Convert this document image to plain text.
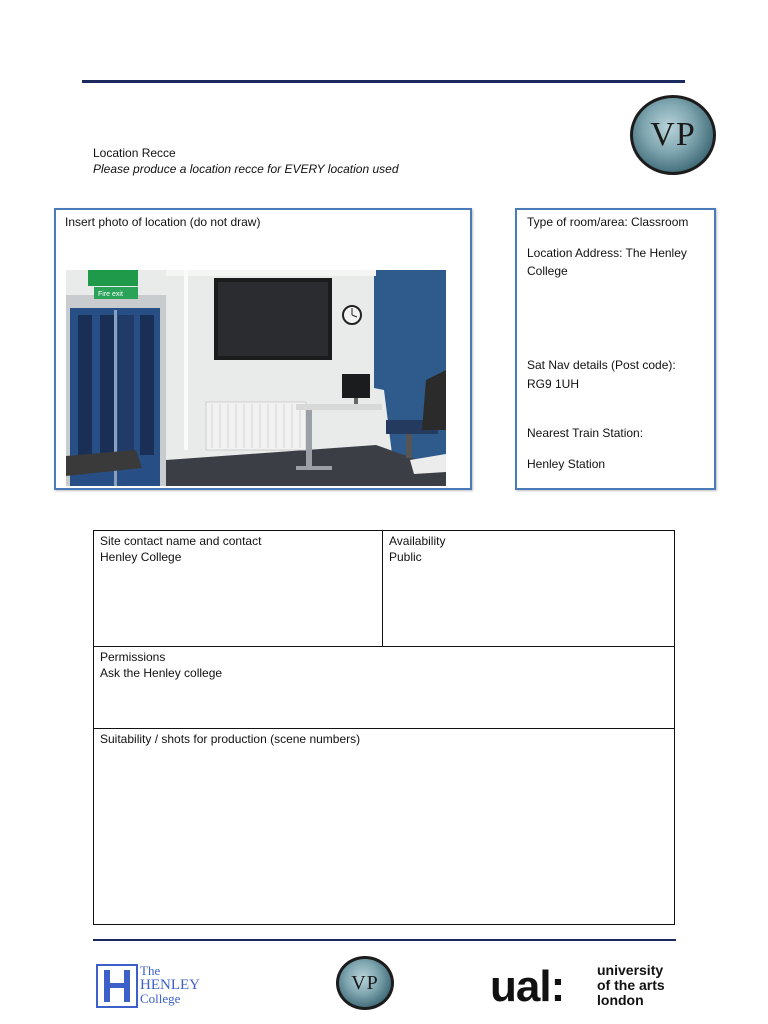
VP
Location Recce
Please produce a location recce for EVERY location used
Insert photo of location (do not draw)
Fire exit
Type of room/area: Classroom
Location Address: The Henley
College
Sat Nav details (Post code):
RG9 1UH
Nearest Train Station:
Henley Station
Site contact name and contact
Henley College
Availability
Public
Permissions
Ask the Henley college
Suitability / shots for production (scene numbers)
The
HENLEY
College
VP	ual: university
of the arts
london
